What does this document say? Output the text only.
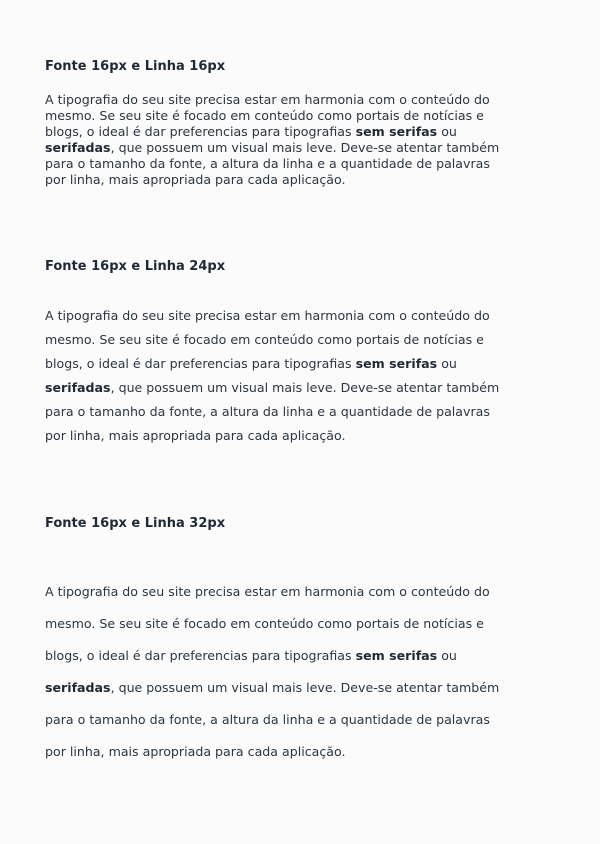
Fonte 16px e Linha 16px

A tipografia do seu site precisa estar em harmonia com o conteúdo do
mesmo. Se seu site é focado em conteúdo como portais de notícias e
blogs, o ideal é dar preferencias para tipografias sem serifas ou
serifadas, que possuem um visual mais leve. Deve-se atentar também
para o tamanho da fonte, a altura da linha e a quantidade de palavras
por linha, mais apropriada para cada aplicação.

Fonte 16px e Linha 24px

A tipografia do seu site precisa estar em harmonia com o conteúdo do
mesmo. Se seu site é focado em conteúdo como portais de notícias e
blogs, o ideal é dar preferencias para tipografias sem serifas ou
serifadas, que possuem um visual mais leve. Deve-se atentar também
para o tamanho da fonte, a altura da linha e a quantidade de palavras
por linha, mais apropriada para cada aplicação.

Fonte 16px e Linha 32px

A tipografia do seu site precisa estar em harmonia com o conteúdo do
mesmo. Se seu site é focado em conteúdo como portais de notícias e
blogs, o ideal é dar preferencias para tipografias sem serifas ou
serifadas, que possuem um visual mais leve. Deve-se atentar também
para o tamanho da fonte, a altura da linha e a quantidade de palavras
por linha, mais apropriada para cada aplicação.
